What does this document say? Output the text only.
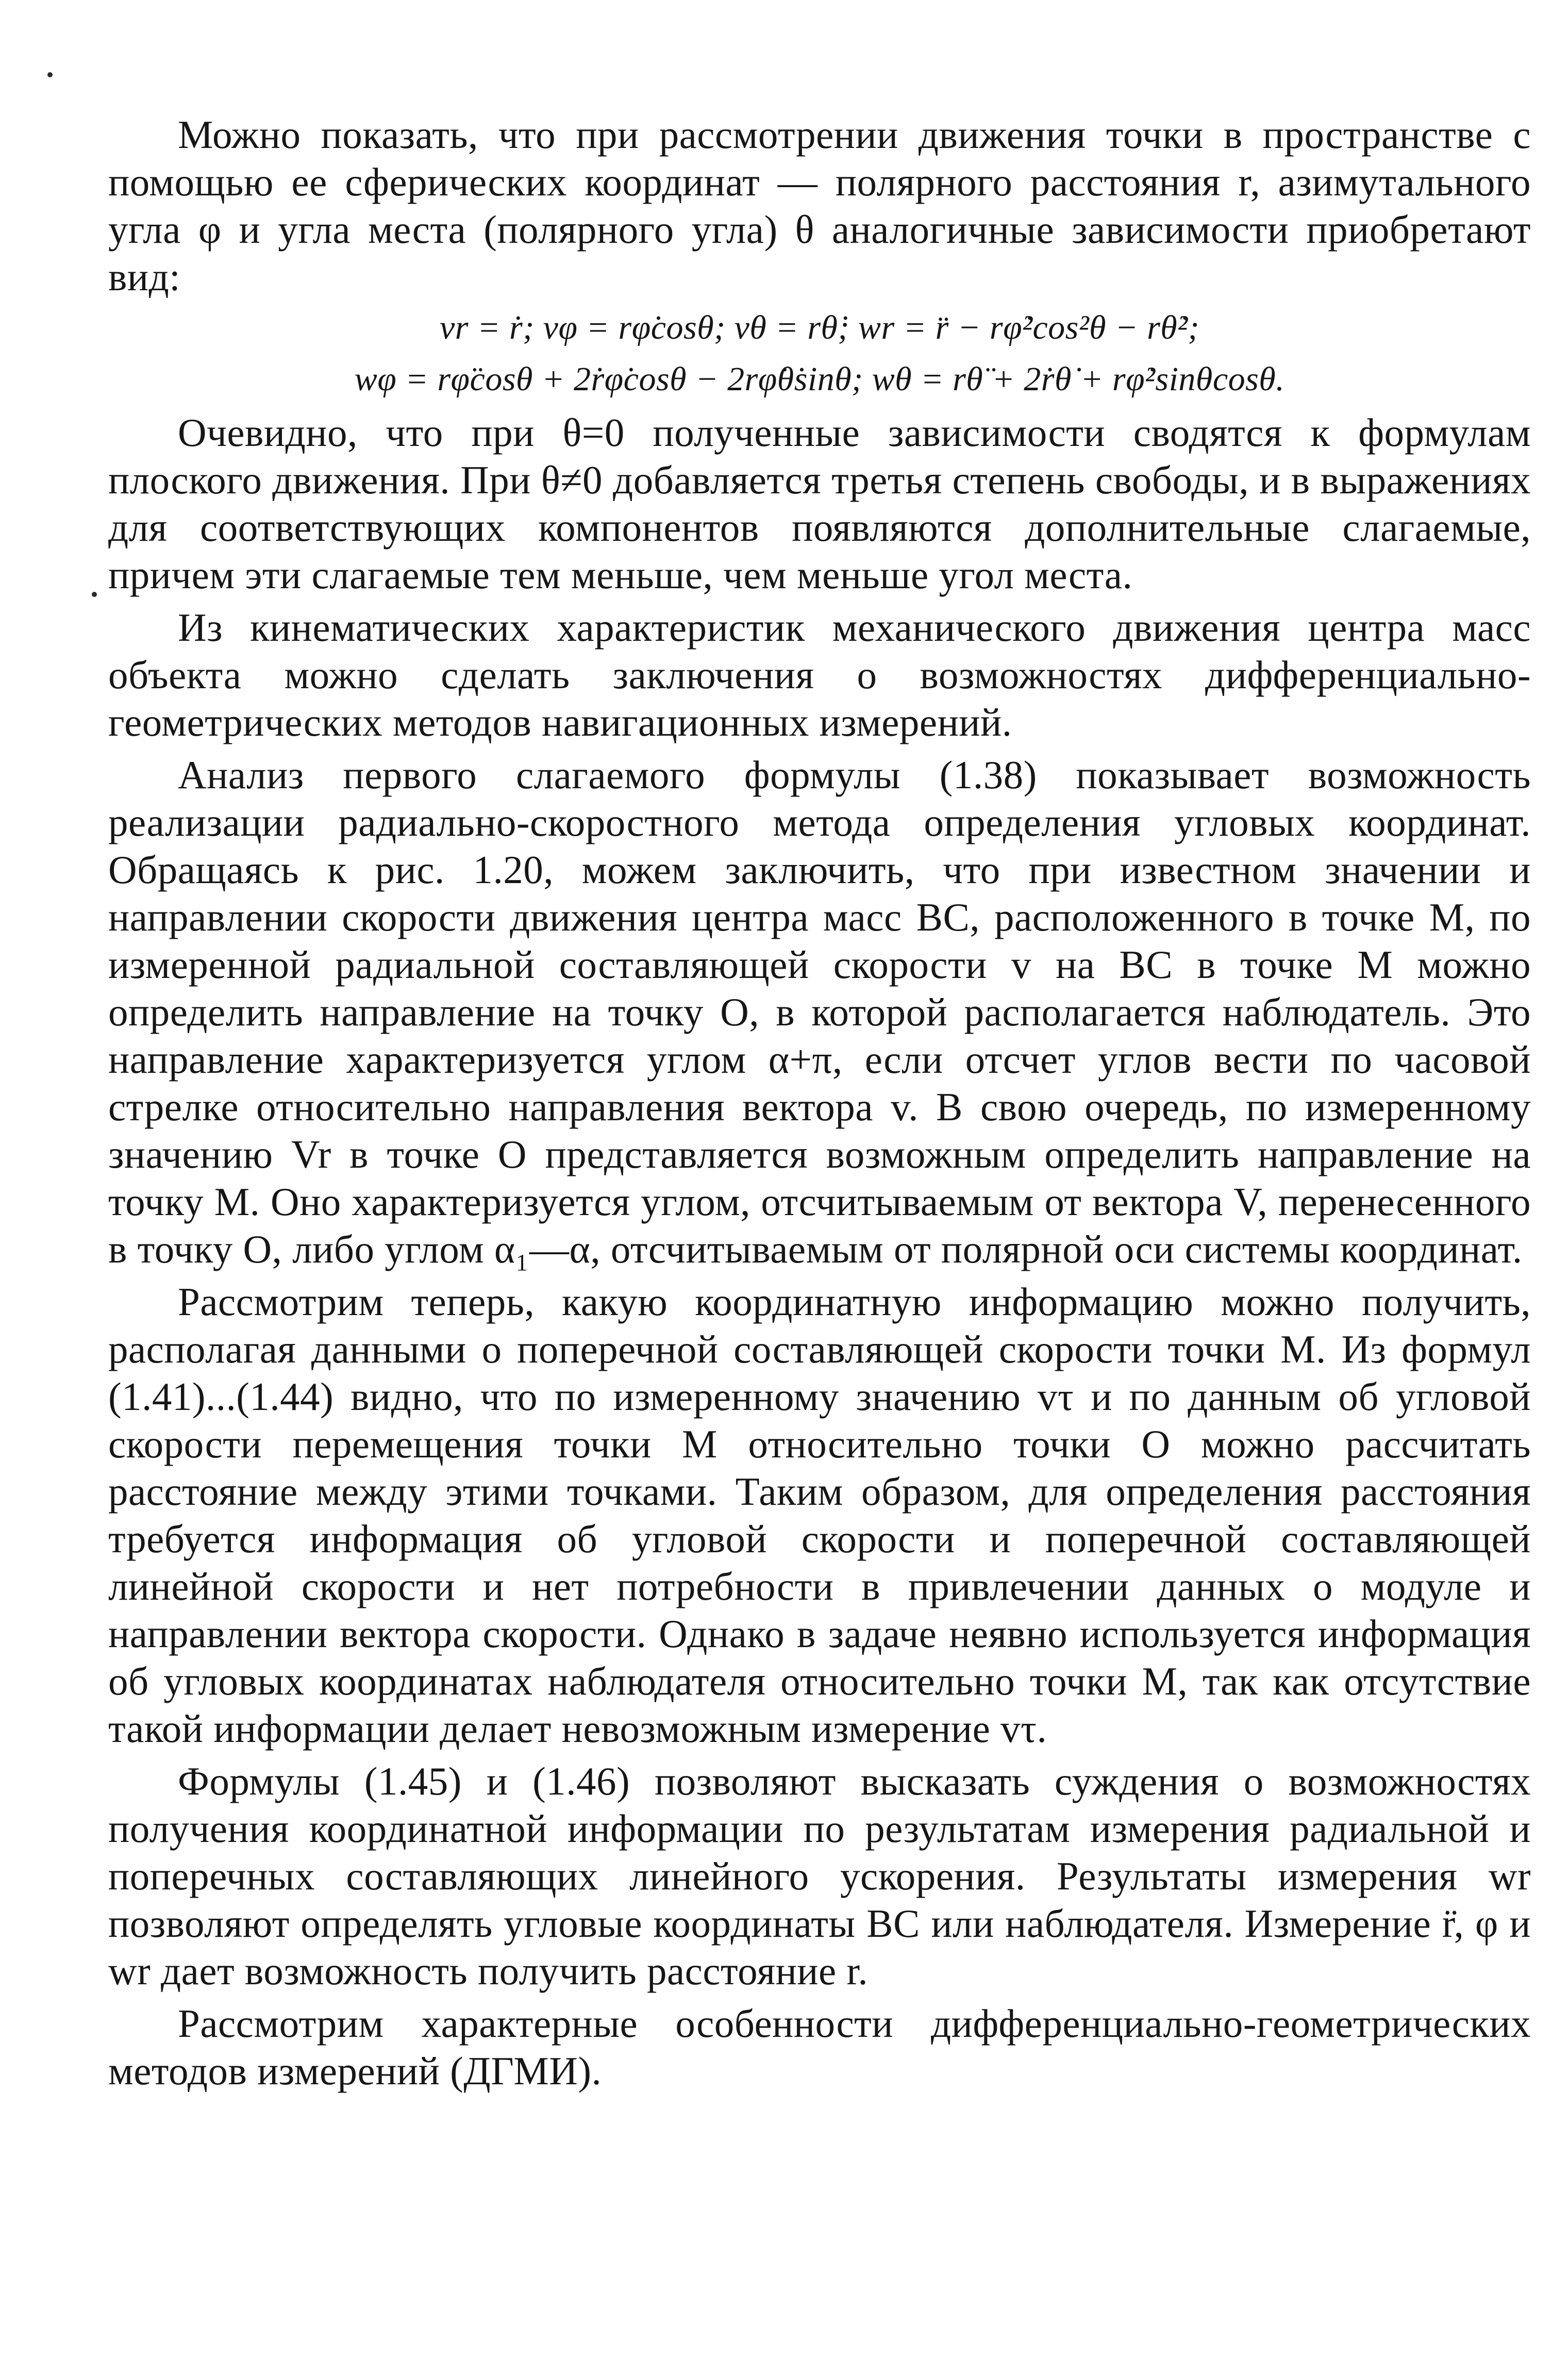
Можно показать, что при рассмотрении движения точки в пространстве с помощью ее сферических координат — полярного расстояния r, азимутального угла φ и угла места (полярного угла) θ аналогичные зависимости приобретают вид:

vr = ṙ; vφ = rφ̇cosθ; vθ = rθ̇; wr = r̈ − rφ̇²cos²θ − rθ̇²;
wφ = rφ̈cosθ + 2ṙφ̇cosθ − 2rφ̇θ̇sinθ; wθ = rθ̈ + 2ṙθ̇ + rφ̇²sinθcosθ.

Очевидно, что при θ=0 полученные зависимости сводятся к формулам плоского движения. При θ≠0 добавляется третья степень свободы, и в выражениях для соответствующих компонентов появляются дополнительные слагаемые, причем эти слагаемые тем меньше, чем меньше угол места.

Из кинематических характеристик механического движения центра масс объекта можно сделать заключения о возможностях дифференциально-геометрических методов навигационных измерений.

Анализ первого слагаемого формулы (1.38) показывает возможность реализации радиально-скоростного метода определения угловых координат. Обращаясь к рис. 1.20, можем заключить, что при известном значении и направлении скорости движения центра масс ВС, расположенного в точке M, по измеренной радиальной составляющей скорости v на ВС в точке M можно определить направление на точку O, в которой располагается наблюдатель. Это направление характеризуется углом α+π, если отсчет углов вести по часовой стрелке относительно направления вектора v. В свою очередь, по измеренному значению Vr в точке O представляется возможным определить направление на точку M. Оно характеризуется углом, отсчитываемым от вектора V, перенесенного в точку O, либо углом α₁—α, отсчитываемым от полярной оси системы координат.

Рассмотрим теперь, какую координатную информацию можно получить, располагая данными о поперечной составляющей скорости точки M. Из формул (1.41)...(1.44) видно, что по измеренному значению vτ и по данным об угловой скорости перемещения точки M относительно точки O можно рассчитать расстояние между этими точками. Таким образом, для определения расстояния требуется информация об угловой скорости и поперечной составляющей линейной скорости и нет потребности в привлечении данных о модуле и направлении вектора скорости. Однако в задаче неявно используется информация об угловых координатах наблюдателя относительно точки M, так как отсутствие такой информации делает невозможным измерение vτ.

Формулы (1.45) и (1.46) позволяют высказать суждения о возможностях получения координатной информации по результатам измерения радиальной и поперечных составляющих линейного ускорения. Результаты измерения wr позволяют определять угловые координаты ВС или наблюдателя. Измерение r̈, φ и wr дает возможность получить расстояние r.

Рассмотрим характерные особенности дифференциально-геометрических методов измерений (ДГМИ).
